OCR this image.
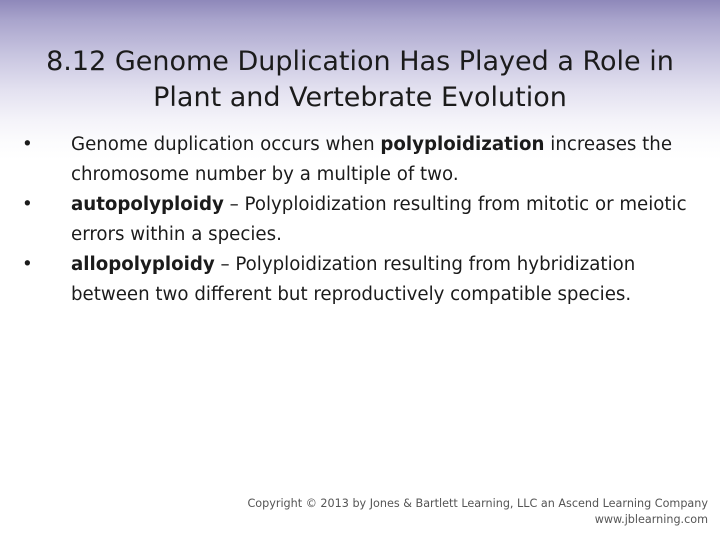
8.12 Genome Duplication Has Played a Role in
Plant and Vertebrate Evolution
•	Genome duplication occurs when polyploidization increases the chromosome number by a multiple of two.
•	autopolyploidy – Polyploidization resulting from mitotic or meiotic errors within a species.
•	allopolyploidy – Polyploidization resulting from hybridization between two different but reproductively compatible species.
Copyright © 2013 by Jones & Bartlett Learning, LLC an Ascend Learning Company
www.jblearning.com
